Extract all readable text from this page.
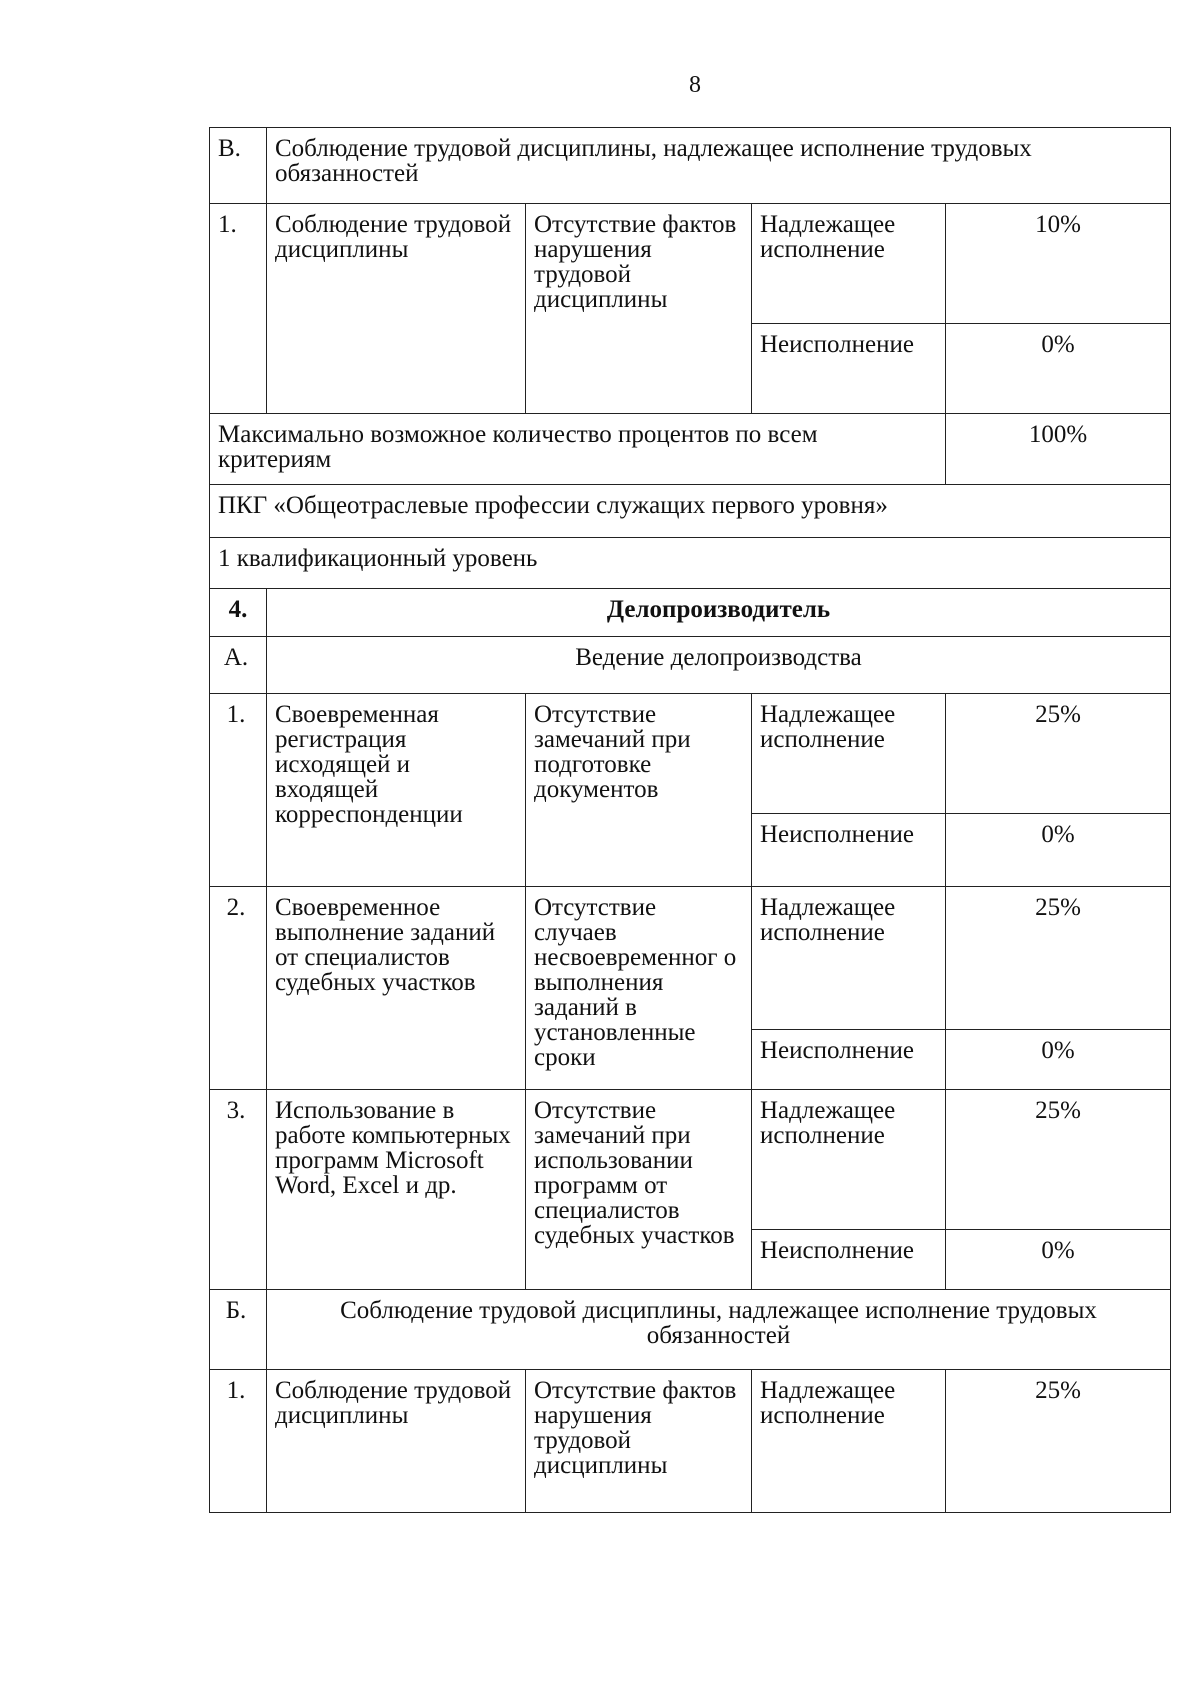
8
В.	Соблюдение трудовой дисциплины, надлежащее исполнение трудовых обязанностей			
1.	Соблюдение трудовой дисциплины	Отсутствие фактов нарушения трудовой дисциплины	Надлежащее исполнение	10%
			Неисполнение	0%
Максимально возможное количество процентов по всем критериям				100%
ПКГ «Общеотраслевые профессии служащих первого уровня»				
1 квалификационный уровень				
4.	Делопроизводитель			
А.	Ведение делопроизводства			
1.	Своевременная регистрация исходящей и входящей корреспонденции	Отсутствие замечаний при подготовке документов	Надлежащее исполнение	25%
			Неисполнение	0%
2.	Своевременное выполнение заданий от специалистов судебных участков	Отсутствие случаев несвоевременног о выполнения заданий в установленные сроки	Надлежащее исполнение	25%
			Неисполнение	0%
3.	Использование в работе компьютерных программ Microsoft Word, Excel и др.	Отсутствие замечаний при использовании программ от специалистов судебных участков	Надлежащее исполнение	25%
			Неисполнение	0%
Б.	Соблюдение трудовой дисциплины, надлежащее исполнение трудовых обязанностей			
1.	Соблюдение трудовой дисциплины	Отсутствие фактов нарушения трудовой дисциплины	Надлежащее исполнение	25%
